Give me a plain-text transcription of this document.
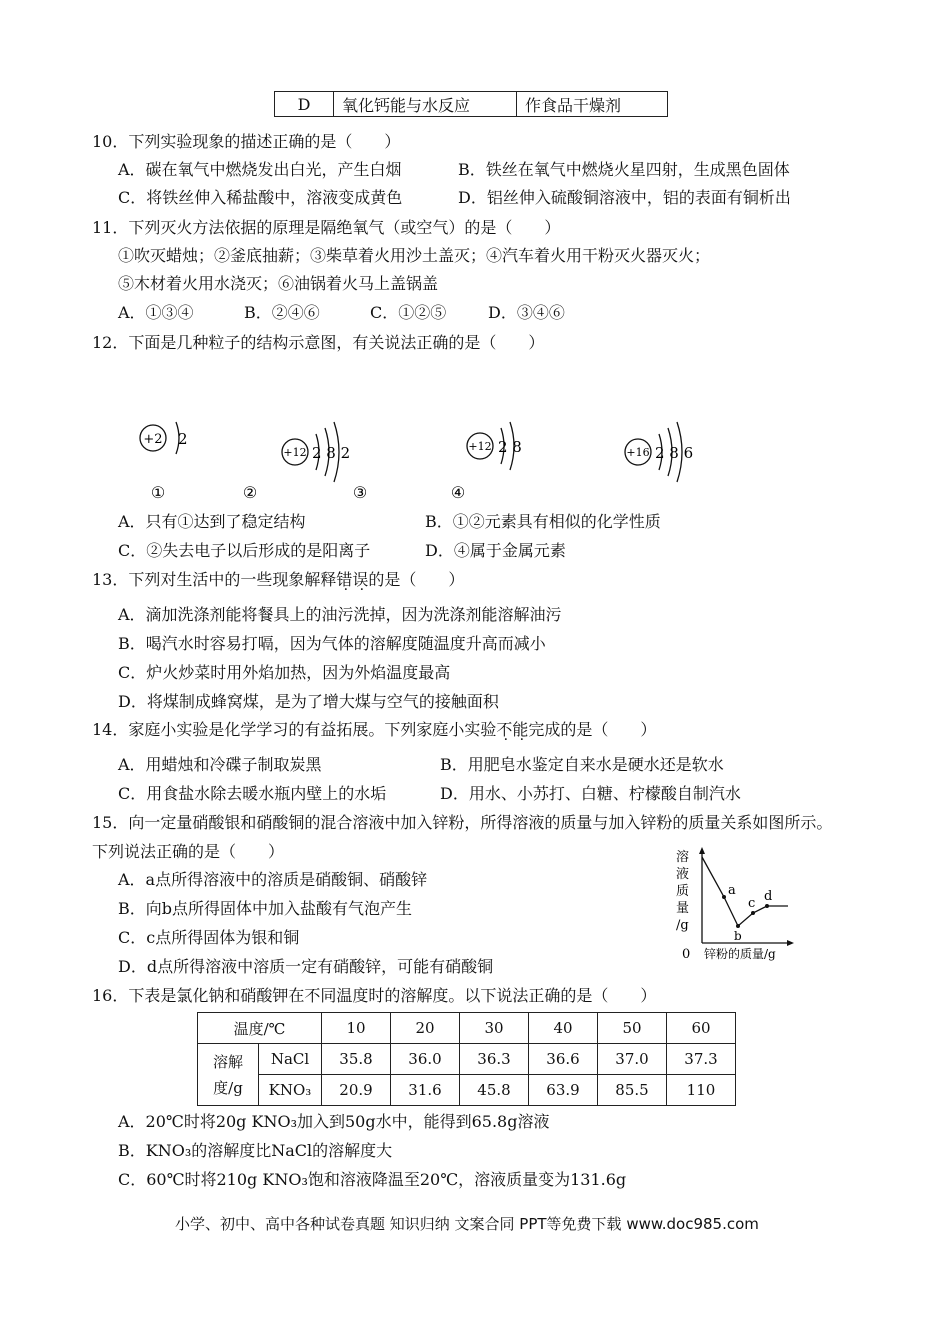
D	氧化钙能与水反应	作食品干燥剂
10．下列实验现象的描述正确的是（　　）
A．碳在氧气中燃烧发出白光，产生白烟	B．铁丝在氧气中燃烧火星四射，生成黑色固体
C．将铁丝伸入稀盐酸中，溶液变成黄色	D．铝丝伸入硫酸铜溶液中，铝的表面有铜析出
11．下列灭火方法依据的原理是隔绝氧气（或空气）的是（　　）
①吹灭蜡烛；②釜底抽薪；③柴草着火用沙土盖灭；④汽车着火用干粉灭火器灭火；
⑤木材着火用水浇灭；⑥油锅着火马上盖锅盖
A．①③④	B．②④⑥	C．①②⑤	D．③④⑥
12．下面是几种粒子的结构示意图，有关说法正确的是（　　）
+2 2
①
+12 2 8 2
②
+12 2 8
③
+16 2 8 6
④
A．只有①达到了稳定结构	B．①②元素具有相似的化学性质
C．②失去电子以后形成的是阳离子	D．④属于金属元素
13．下列对生活中的一些现象解释错误的是（　　）
A．滴加洗涤剂能将餐具上的油污洗掉，因为洗涤剂能溶解油污
B．喝汽水时容易打嗝，因为气体的溶解度随温度升高而减小
C．炉火炒菜时用外焰加热，因为外焰温度最高
D．将煤制成蜂窝煤，是为了增大煤与空气的接触面积
14．家庭小实验是化学学习的有益拓展。下列家庭小实验不能完成的是（　　）
A．用蜡烛和冷碟子制取炭黑	B．用肥皂水鉴定自来水是硬水还是软水
C．用食盐水除去暖水瓶内壁上的水垢	D．用水、小苏打、白糖、柠檬酸自制汽水
15．向一定量硝酸银和硝酸铜的混合溶液中加入锌粉，所得溶液的质量与加入锌粉的质量关系如图所示。
下列说法正确的是（　　）
A．a点所得溶液中的溶质是硝酸铜、硝酸锌
B．向b点所得固体中加入盐酸有气泡产生
C．c点所得固体为银和铜
D．d点所得溶液中溶质一定有硝酸锌，可能有硝酸铜
溶
液
质
量
/g
a
b
c d
0 锌粉的质量/g
16．下表是氯化钠和硝酸钾在不同温度时的溶解度。以下说法正确的是（　　）
温度/℃		10	20	30	40	50	60
溶解
度/g	NaCl	35.8	36.0	36.3	36.6	37.0	37.3
	KNO₃	20.9	31.6	45.8	63.9	85.5	110
A．20℃时将20g KNO₃加入到50g水中，能得到65.8g溶液
B．KNO₃的溶解度比NaCl的溶解度大
C．60℃时将210g KNO₃饱和溶液降温至20℃，溶液质量变为131.6g
小学、初中、高中各种试卷真题 知识归纳 文案合同 PPT等免费下载 www.doc985.com
